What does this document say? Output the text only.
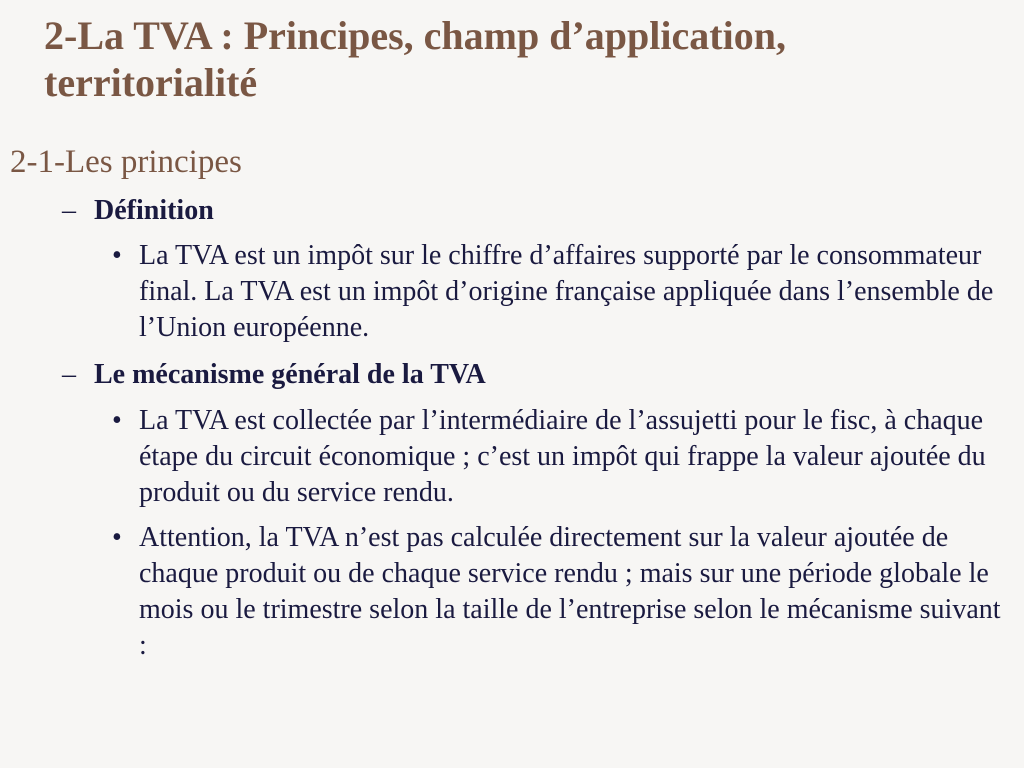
2-La TVA : Principes, champ d’application, territorialité
2-1-Les principes
– Définition
• La TVA est un impôt sur le chiffre d’affaires supporté par le consommateur final. La TVA est un impôt d’origine française appliquée dans l’ensemble de l’Union européenne.
– Le mécanisme général de la TVA
• La TVA est collectée par l’intermédiaire de l’assujetti pour le fisc, à chaque étape du circuit économique ; c’est un impôt qui frappe la valeur ajoutée du produit ou du service rendu.
• Attention, la TVA n’est pas calculée directement sur la valeur ajoutée de chaque produit ou de chaque service rendu ; mais sur une période globale le mois ou le trimestre selon la taille de l’entreprise selon le mécanisme suivant :
